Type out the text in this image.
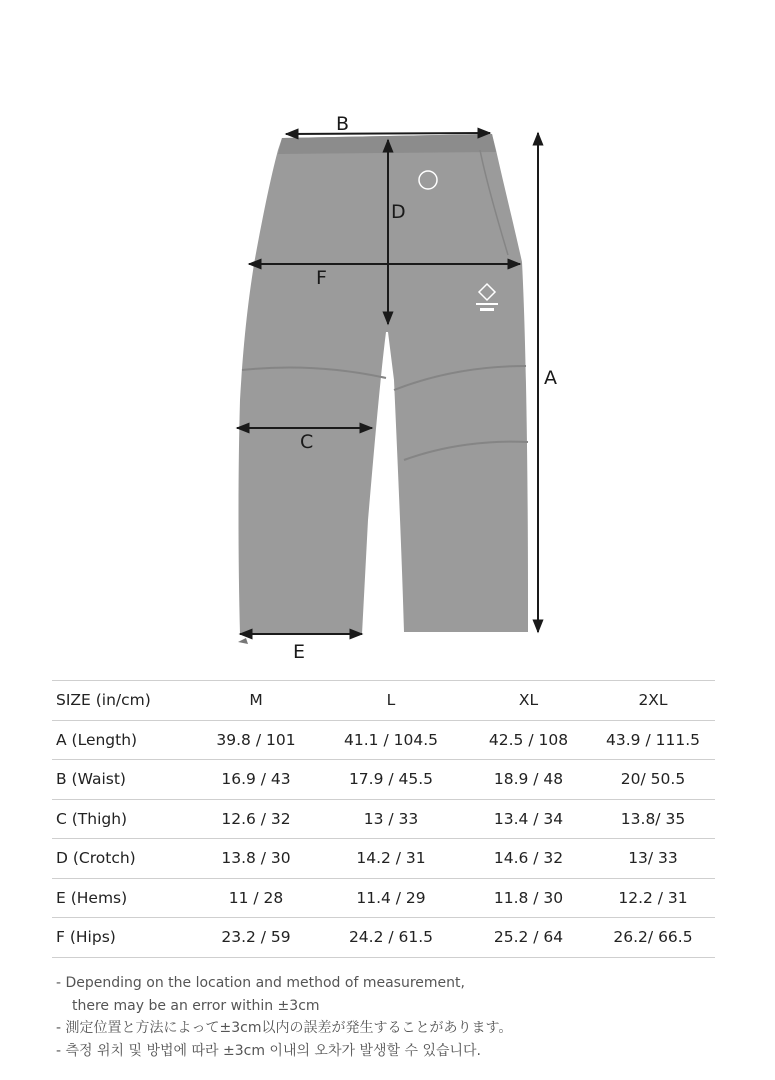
A
B
C
D
E
F
SIZE (in/cm)	M	L	XL	2XL
A (Length)	39.8 / 101	41.1 / 104.5	42.5 / 108	43.9 / 111.5
B (Waist)	16.9 / 43	17.9 / 45.5	18.9 / 48	20/ 50.5
C (Thigh)	12.6 / 32	13 / 33	13.4 / 34	13.8/ 35
D (Crotch)	13.8 / 30	14.2 / 31	14.6 / 32	13/ 33
E (Hems)	11 / 28	11.4 / 29	11.8 / 30	12.2 / 31
F (Hips)	23.2 / 59	24.2 / 61.5	25.2 / 64	26.2/ 66.5

- Depending on the location and method of measurement,

there may be an error within ±3cm

- 測定位置と方法によって±3cm以内の誤差が発生することがあります。

- 측정 위치 및 방법에 따라 ±3cm 이내의 오차가 발생할 수 있습니다.
